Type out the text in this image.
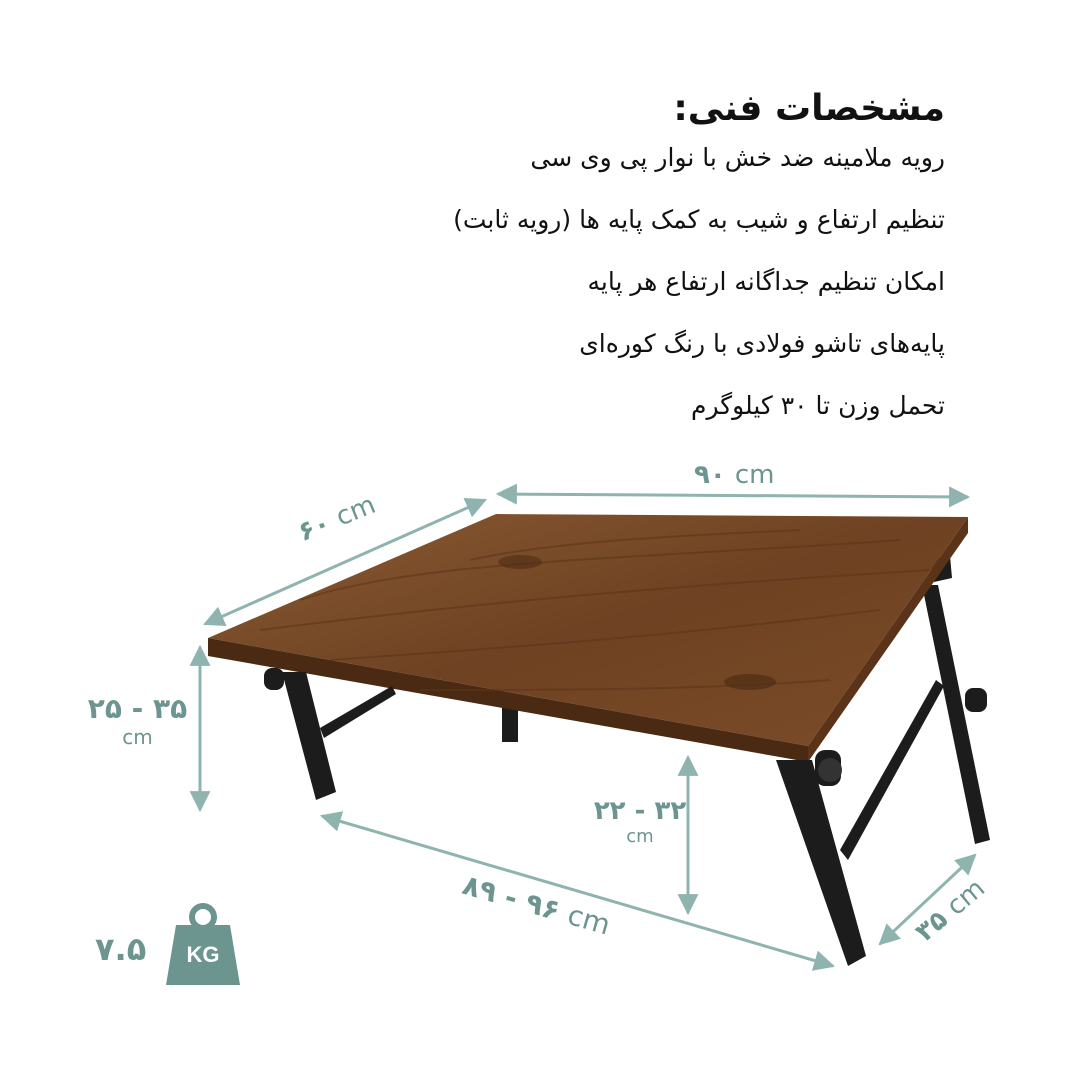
KG
مشخصات فنی:
رویه ملامینه ضد خش با نوار پی وی سی
تنظیم ارتفاع و شیب به کمک پایه ها (رویه ثابت)
امکان تنظیم جداگانه ارتفاع هر پایه
پایه‌های تاشو فولادی با رنگ کوره‌ای
تحمل وزن تا ۳۰ کیلوگرم
۹۰ cm
۶۰ cm
۲۵ - ۳۵
cm
۲۲ - ۳۲
cm
۸۹ - ۹۶ cm	۳۵ cm
۷.۵
